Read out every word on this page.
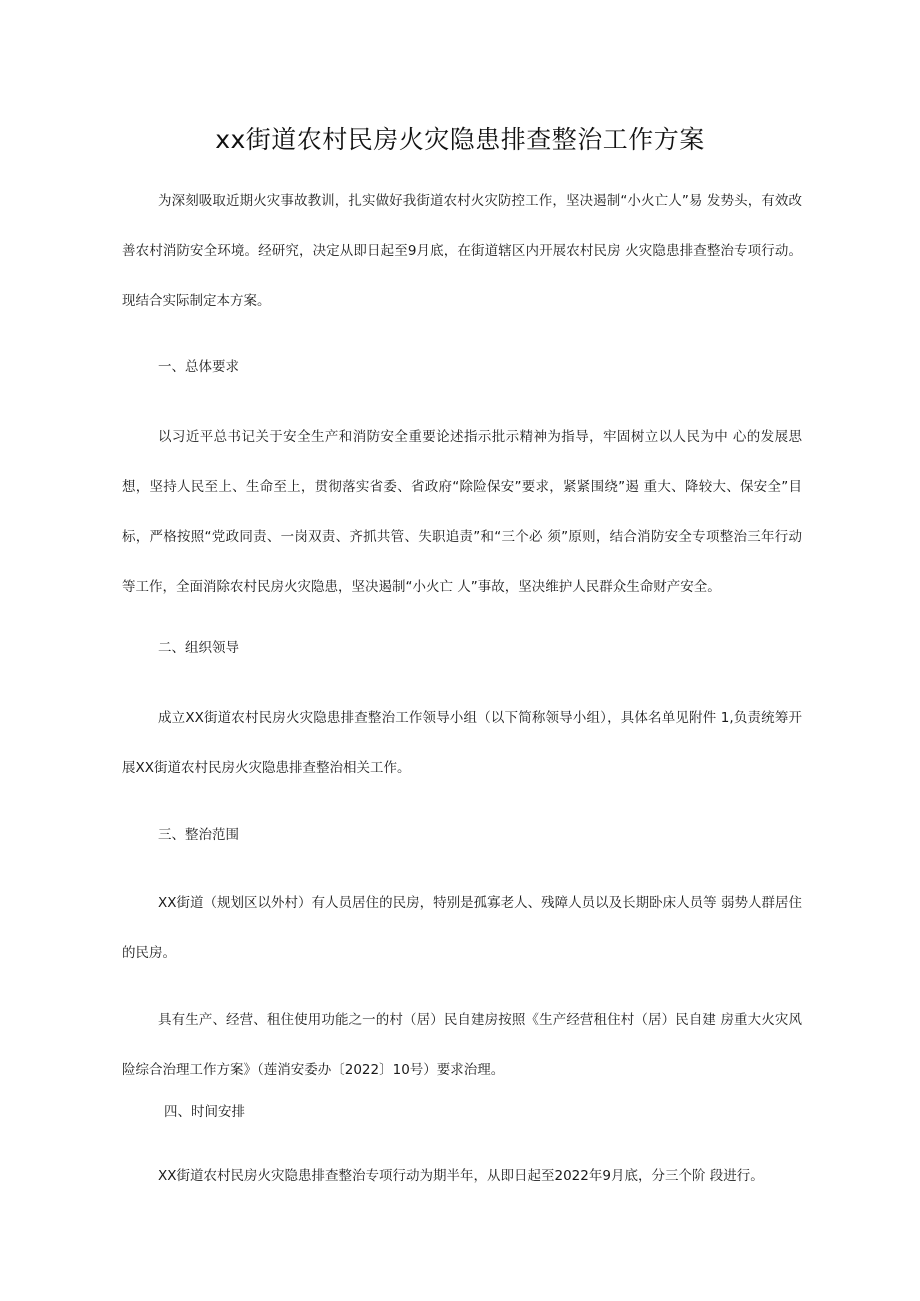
xx街道农村民房火灾隐患排查整治工作方案
为深刻吸取近期火灾事故教训，扎实做好我街道农村火灾防控工作，坚决遏制“小火亡人”易 发势头，有效改善农村消防安全环境。经研究，决定从即日起至9月底，在街道辖区内开展农村民房 火灾隐患排查整治专项行动。现结合实际制定本方案。
一、总体要求
以习近平总书记关于安全生产和消防安全重要论述指示批示精神为指导，牢固树立以人民为中 心的发展思想，坚持人民至上、生命至上，贯彻落实省委、省政府“除险保安”要求，紧紧围绕”遏 重大、降较大、保安全”目标，严格按照“党政同责、一岗双责、齐抓共管、失职追责”和“三个必 须”原则，结合消防安全专项整治三年行动等工作，全面消除农村民房火灾隐患，坚决遏制“小火亡 人”事故，坚决维护人民群众生命财产安全。
二、组织领导
成立XX街道农村民房火灾隐患排查整治工作领导小组（以下简称领导小组），具体名单见附件 1,负责统筹开展XX街道农村民房火灾隐患排查整治相关工作。
三、整治范围
XX街道（规划区以外村）有人员居住的民房，特别是孤寡老人、残障人员以及长期卧床人员等 弱势人群居住的民房。
具有生产、经营、租住使用功能之一的村（居）民自建房按照《生产经营租住村（居）民自建 房重大火灾风险综合治理工作方案》（莲消安委办〔2022〕10号）要求治理。
四、时间安排
XX街道农村民房火灾隐患排查整治专项行动为期半年，从即日起至2022年9月底，分三个阶 段进行。
